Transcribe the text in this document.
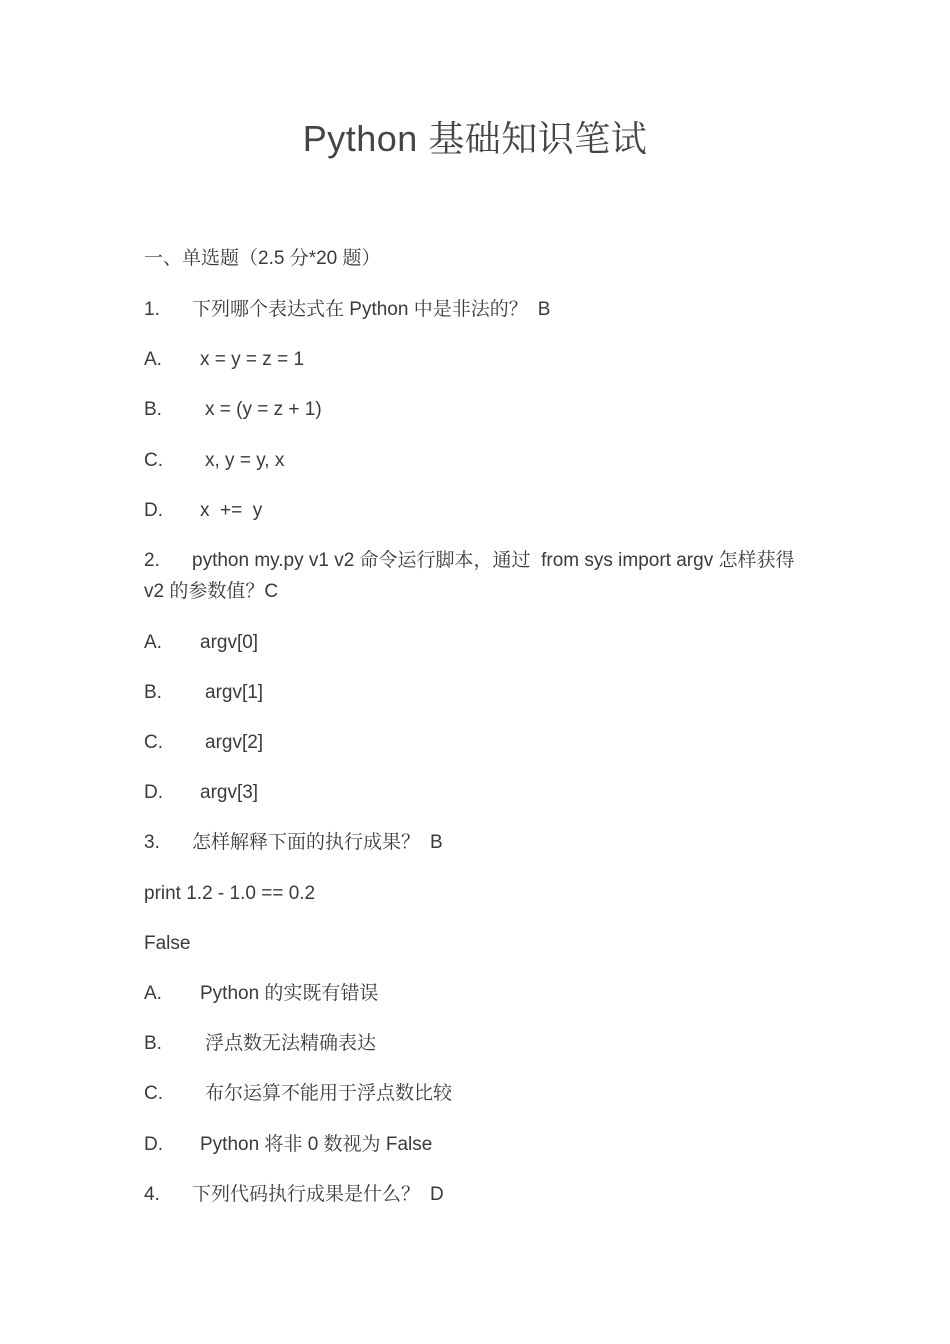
Python 基础知识笔试
一、单选题（2.5 分*20 题）
1. 下列哪个表达式在 Python 中是非法的？ B
A. x = y = z = 1
B. x = (y = z + 1)
C. x, y = y, x
D. x  +=  y
2. python my.py v1 v2 命令运行脚本，通过  from sys import argv 怎样获得
v2 的参数值？C
A. argv[0]
B. argv[1]
C. argv[2]
D. argv[3]
3. 怎样解释下面的执行成果？ B
print 1.2 - 1.0 == 0.2
False
A. Python 的实既有错误
B. 浮点数无法精确表达
C. 布尔运算不能用于浮点数比较
D. Python 将非 0 数视为 False
4. 下列代码执行成果是什么？ D
